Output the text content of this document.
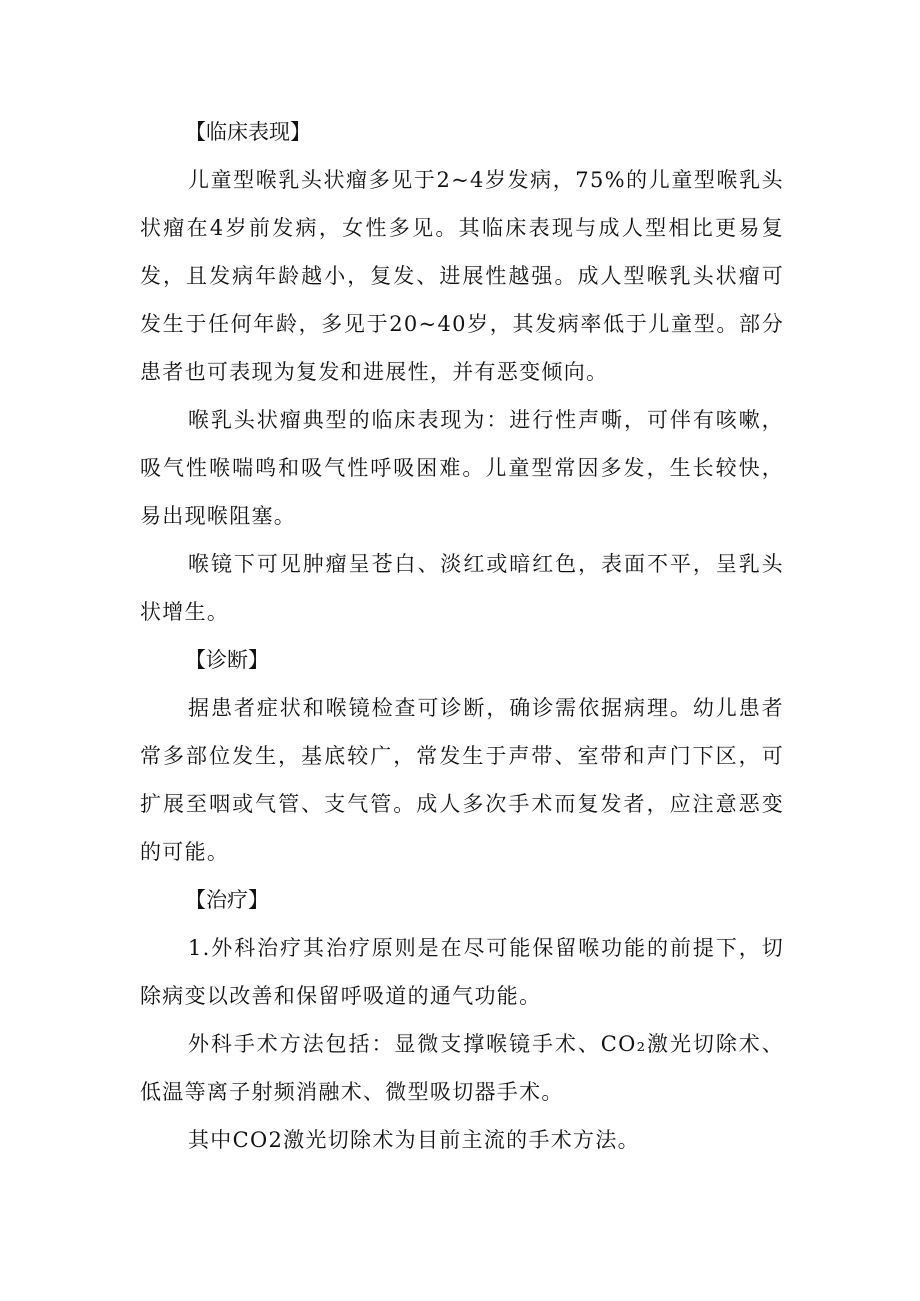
【临床表现】

儿童型喉乳头状瘤多见于2~4岁发病，75%的儿童型喉乳头状瘤在4岁前发病，女性多见。其临床表现与成人型相比更易复发，且发病年龄越小，复发、进展性越强。成人型喉乳头状瘤可发生于任何年龄，多见于20~40岁，其发病率低于儿童型。部分患者也可表现为复发和进展性，并有恶变倾向。

喉乳头状瘤典型的临床表现为：进行性声嘶，可伴有咳嗽，吸气性喉喘鸣和吸气性呼吸困难。儿童型常因多发，生长较快，易出现喉阻塞。

喉镜下可见肿瘤呈苍白、淡红或暗红色，表面不平，呈乳头状增生。

【诊断】

据患者症状和喉镜检查可诊断，确诊需依据病理。幼儿患者常多部位发生，基底较广，常发生于声带、室带和声门下区，可扩展至咽或气管、支气管。成人多次手术而复发者，应注意恶变的可能。

【治疗】

1.外科治疗其治疗原则是在尽可能保留喉功能的前提下，切除病变以改善和保留呼吸道的通气功能。

外科手术方法包括：显微支撑喉镜手术、CO₂激光切除术、低温等离子射频消融术、微型吸切器手术。

其中CO2激光切除术为目前主流的手术方法。
